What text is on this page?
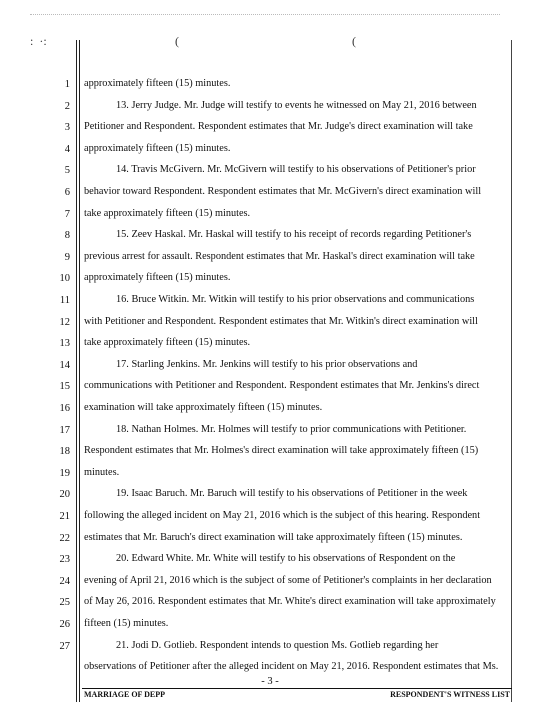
:  ·:	(	(
1 approximately fifteen (15) minutes.
2	13. Jerry Judge. Mr. Judge will testify to events he witnessed on May 21, 2016 between
3 Petitioner and Respondent. Respondent estimates that Mr. Judge's direct examination will take
4 approximately fifteen (15) minutes.
5	14. Travis McGivern. Mr. McGivern will testify to his observations of Petitioner's prior
6 behavior toward Respondent. Respondent estimates that Mr. McGivern's direct examination will
7 take approximately fifteen (15) minutes.
8	15. Zeev Haskal. Mr. Haskal will testify to his receipt of records regarding Petitioner's
9 previous arrest for assault. Respondent estimates that Mr. Haskal's direct examination will take
10 approximately fifteen (15) minutes.
11	16. Bruce Witkin. Mr. Witkin will testify to his prior observations and communications
12 with Petitioner and Respondent. Respondent estimates that Mr. Witkin's direct examination will
13 take approximately fifteen (15) minutes.
14	17. Starling Jenkins. Mr. Jenkins will testify to his prior observations and
15 communications with Petitioner and Respondent. Respondent estimates that Mr. Jenkins's direct
16 examination will take approximately fifteen (15) minutes.
17	18. Nathan Holmes. Mr. Holmes will testify to prior communications with Petitioner.
18 Respondent estimates that Mr. Holmes's direct examination will take approximately fifteen (15)
19 minutes.
20	19. Isaac Baruch. Mr. Baruch will testify to his observations of Petitioner in the week
21 following the alleged incident on May 21, 2016 which is the subject of this hearing. Respondent
22 estimates that Mr. Baruch's direct examination will take approximately fifteen (15) minutes.
23	20. Edward White. Mr. White will testify to his observations of Respondent on the
24 evening of April 21, 2016 which is the subject of some of Petitioner's complaints in her declaration
25 of May 26, 2016. Respondent estimates that Mr. White's direct examination will take approximately
26 fifteen (15) minutes.
27	21. Jodi D. Gotlieb. Respondent intends to question Ms. Gotlieb regarding her
observations of Petitioner after the alleged incident on May 21, 2016. Respondent estimates that Ms.
- 3 -
MARRIAGE OF DEPP	RESPONDENT'S WITNESS LIST
